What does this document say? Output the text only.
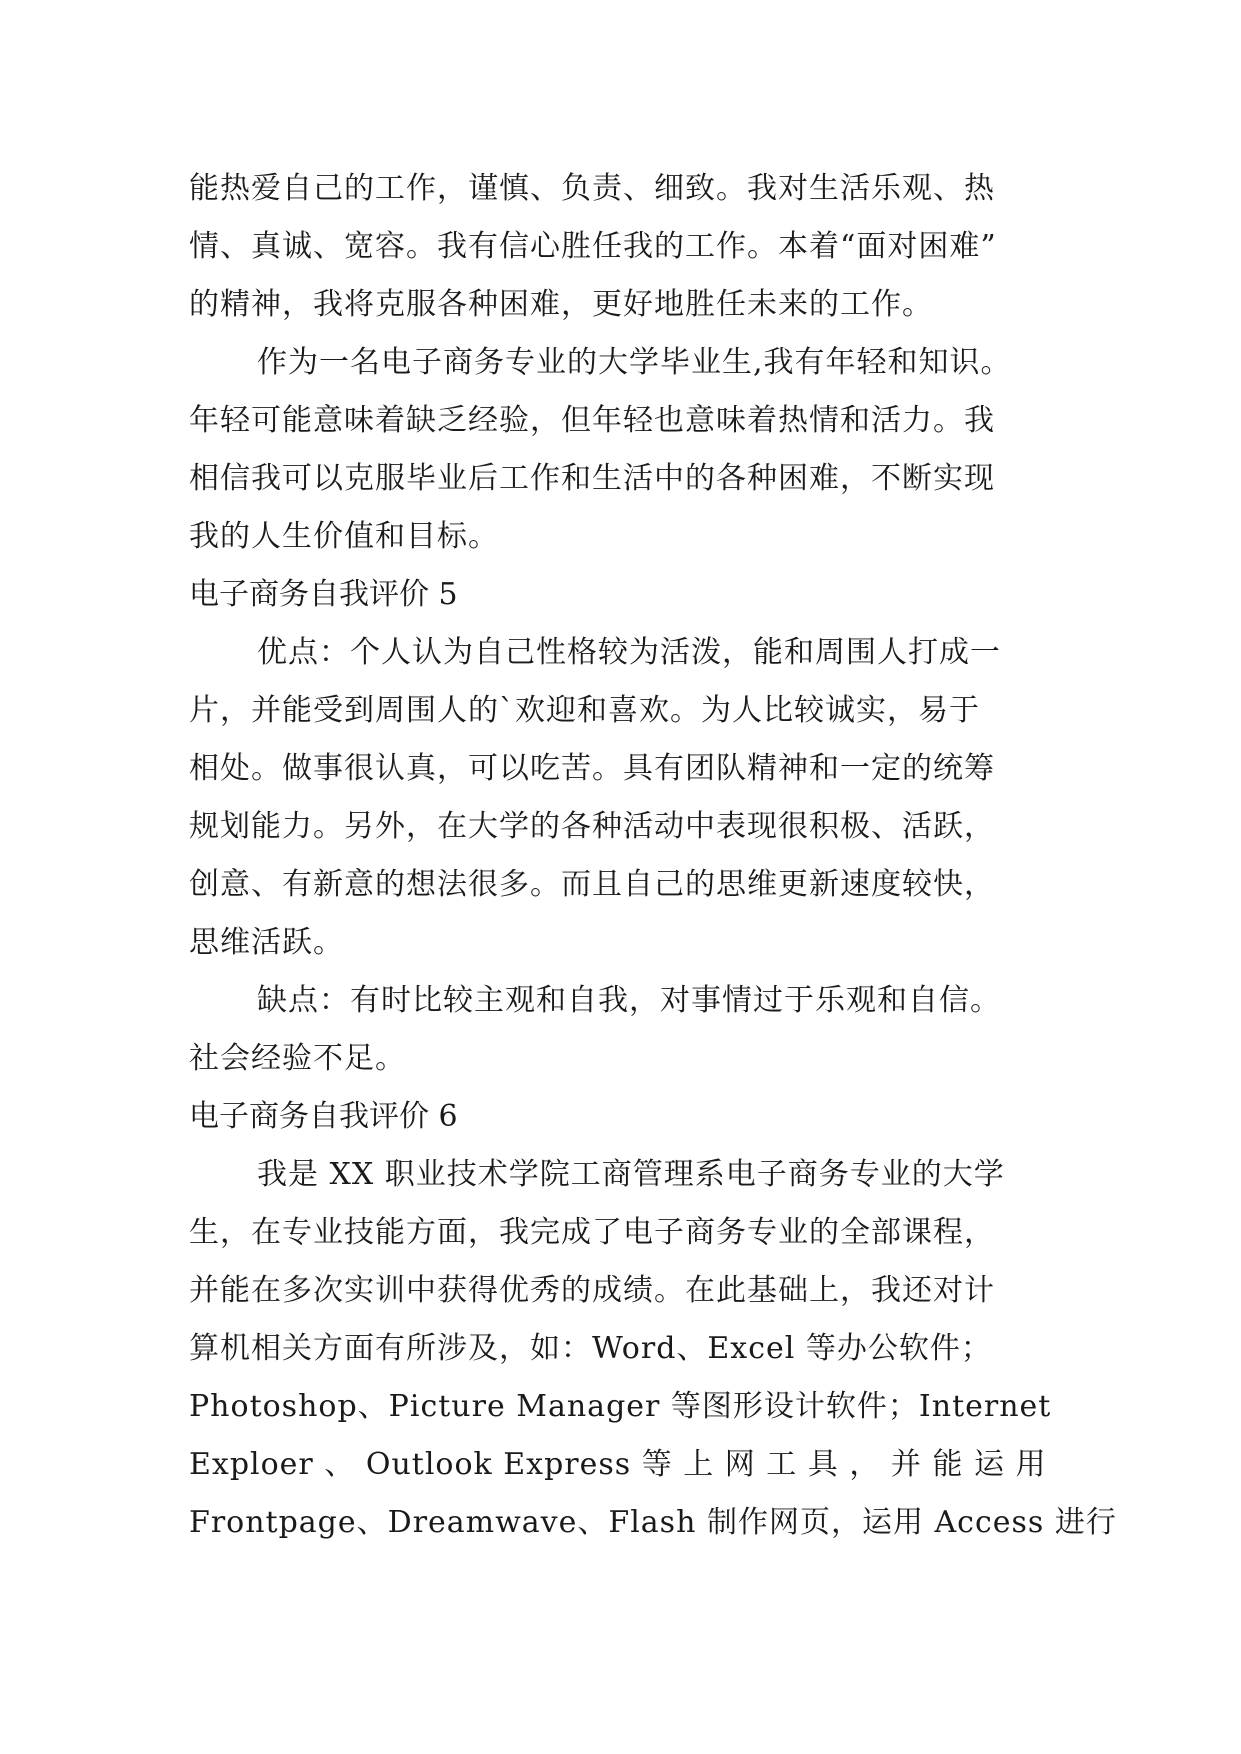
能热爱自己的工作，谨慎、负责、细致。我对生活乐观、热
情、真诚、宽容。我有信心胜任我的工作。本着“面对困难”
的精神，我将克服各种困难，更好地胜任未来的工作。
作为一名电子商务专业的大学毕业生,我有年轻和知识。
年轻可能意味着缺乏经验，但年轻也意味着热情和活力。我
相信我可以克服毕业后工作和生活中的各种困难，不断实现
我的人生价值和目标。
电子商务自我评价 5
优点：个人认为自己性格较为活泼，能和周围人打成一
片，并能受到周围人的`欢迎和喜欢。为人比较诚实，易于
相处。做事很认真，可以吃苦。具有团队精神和一定的统筹
规划能力。另外，在大学的各种活动中表现很积极、活跃，
创意、有新意的想法很多。而且自己的思维更新速度较快，
思维活跃。
缺点：有时比较主观和自我，对事情过于乐观和自信。
社会经验不足。
电子商务自我评价 6
我是 XX 职业技术学院工商管理系电子商务专业的大学
生，在专业技能方面，我完成了电子商务专业的全部课程，
并能在多次实训中获得优秀的成绩。在此基础上，我还对计
算机相关方面有所涉及，如：Word、Excel 等办公软件；
Photoshop、Picture Manager 等图形设计软件；Internet
Exploer 、 Outlook Express 等 上 网 工 具 ， 并 能 运 用
Frontpage、Dreamwave、Flash 制作网页，运用 Access 进行
